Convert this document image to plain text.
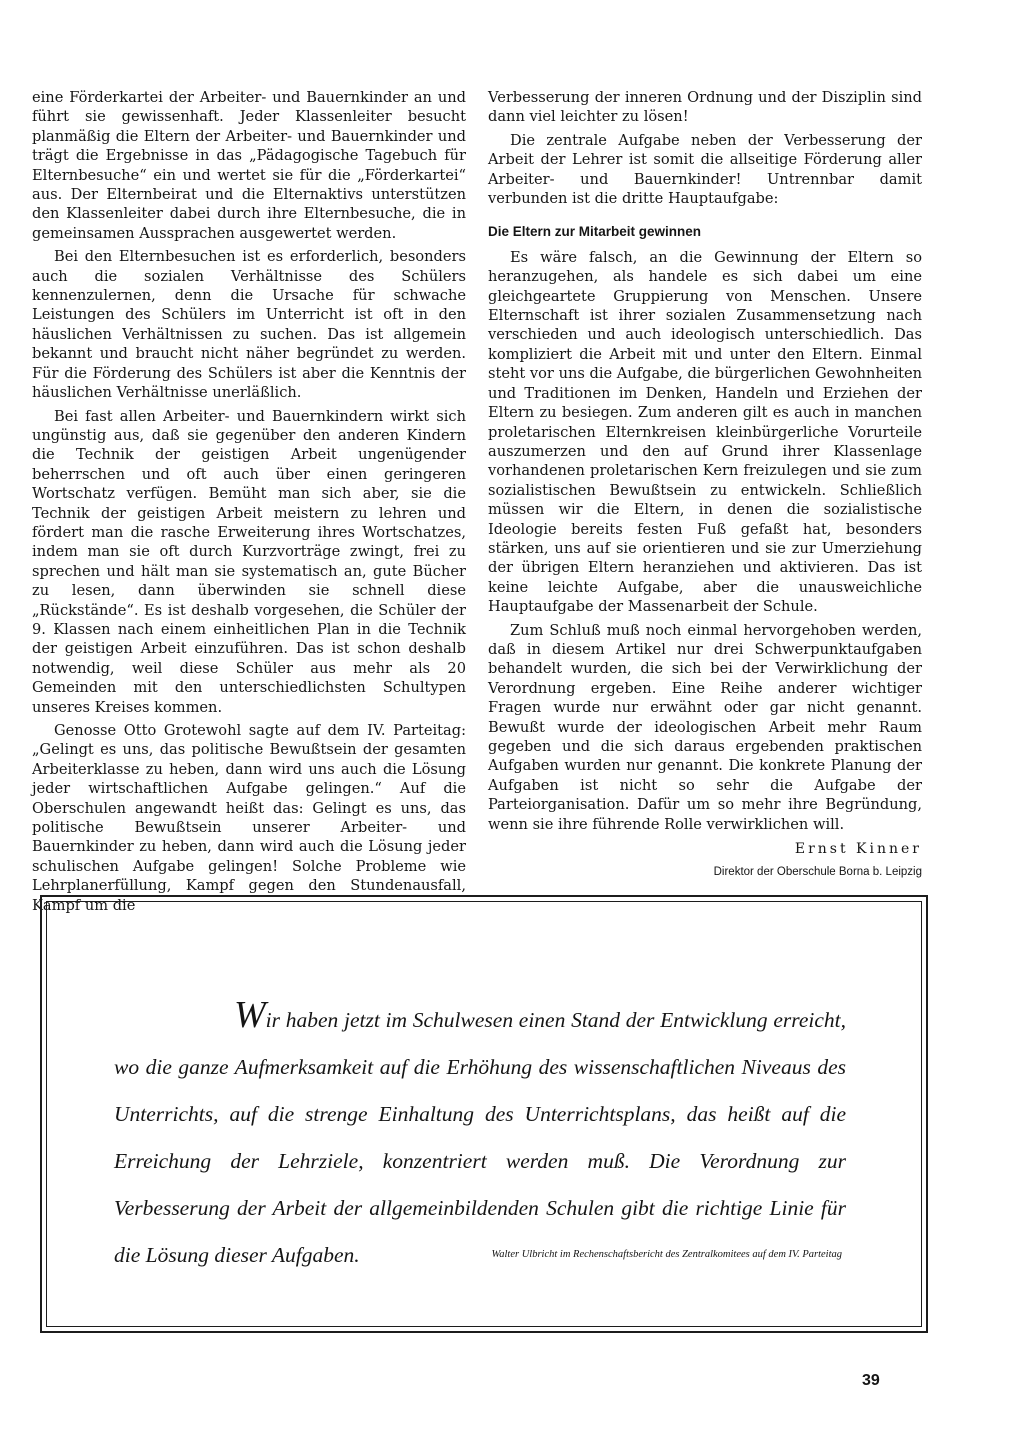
eine Förderkartei der Arbeiter- und Bauernkinder an und führt sie gewissenhaft. Jeder Klassenleiter besucht planmäßig die Eltern der Arbeiter- und Bauernkinder und trägt die Ergebnisse in das „Pädagogische Tagebuch für Elternbesuche“ ein und wertet sie für die „Förderkartei“ aus. Der Elternbeirat und die Elternaktivs unterstützen den Klassenleiter dabei durch ihre Elternbesuche, die in gemeinsamen Aussprachen ausgewertet werden.

Bei den Elternbesuchen ist es erforderlich, besonders auch die sozialen Verhältnisse des Schülers kennenzulernen, denn die Ursache für schwache Leistungen des Schülers im Unterricht ist oft in den häuslichen Verhältnissen zu suchen. Das ist allgemein bekannt und braucht nicht näher begründet zu werden. Für die Förderung des Schülers ist aber die Kenntnis der häuslichen Verhältnisse unerläßlich.

Bei fast allen Arbeiter- und Bauernkindern wirkt sich ungünstig aus, daß sie gegenüber den anderen Kindern die Technik der geistigen Arbeit ungenügender beherrschen und oft auch über einen geringeren Wortschatz verfügen. Bemüht man sich aber, sie die Technik der geistigen Arbeit meistern zu lehren und fördert man die rasche Erweiterung ihres Wortschatzes, indem man sie oft durch Kurzvorträge zwingt, frei zu sprechen und hält man sie systematisch an, gute Bücher zu lesen, dann überwinden sie schnell diese „Rückstände“. Es ist deshalb vorgesehen, die Schüler der 9. Klassen nach einem einheitlichen Plan in die Technik der geistigen Arbeit einzuführen. Das ist schon deshalb notwendig, weil diese Schüler aus mehr als 20 Gemeinden mit den unterschiedlichsten Schultypen unseres Kreises kommen.

Genosse Otto Grotewohl sagte auf dem IV. Parteitag: „Gelingt es uns, das politische Bewußtsein der gesamten Arbeiterklasse zu heben, dann wird uns auch die Lösung jeder wirtschaftlichen Aufgabe gelingen.“ Auf die Oberschulen angewandt heißt das: Gelingt es uns, das politische Bewußtsein unserer Arbeiter- und Bauernkinder zu heben, dann wird auch die Lösung jeder schulischen Aufgabe gelingen! Solche Probleme wie Lehrplanerfüllung, Kampf gegen den Stundenausfall, Kampf um die

Verbesserung der inneren Ordnung und der Disziplin sind dann viel leichter zu lösen!

Die zentrale Aufgabe neben der Verbesserung der Arbeit der Lehrer ist somit die allseitige Förderung aller Arbeiter- und Bauernkinder! Untrennbar damit verbunden ist die dritte Hauptaufgabe:

Die Eltern zur Mitarbeit gewinnen

Es wäre falsch, an die Gewinnung der Eltern so heranzugehen, als handele es sich dabei um eine gleichgeartete Gruppierung von Menschen. Unsere Elternschaft ist ihrer sozialen Zusammensetzung nach verschieden und auch ideologisch unterschiedlich. Das kompliziert die Arbeit mit und unter den Eltern. Einmal steht vor uns die Aufgabe, die bürgerlichen Gewohnheiten und Traditionen im Denken, Handeln und Erziehen der Eltern zu besiegen. Zum anderen gilt es auch in manchen proletarischen Elternkreisen kleinbürgerliche Vorurteile auszumerzen und den auf Grund ihrer Klassenlage vorhandenen proletarischen Kern freizulegen und sie zum sozialistischen Bewußtsein zu entwickeln. Schließlich müssen wir die Eltern, in denen die sozialistische Ideologie bereits festen Fuß gefaßt hat, besonders stärken, uns auf sie orientieren und sie zur Umerziehung der übrigen Eltern heranziehen und aktivieren. Das ist keine leichte Aufgabe, aber die unausweichliche Hauptaufgabe der Massenarbeit der Schule.

Zum Schluß muß noch einmal hervorgehoben werden, daß in diesem Artikel nur drei Schwerpunktaufgaben behandelt wurden, die sich bei der Verwirklichung der Verordnung ergeben. Eine Reihe anderer wichtiger Fragen wurde nur erwähnt oder gar nicht genannt. Bewußt wurde der ideologischen Arbeit mehr Raum gegeben und die sich daraus ergebenden praktischen Aufgaben wurden nur genannt. Die konkrete Planung der Aufgaben ist nicht so sehr die Aufgabe der Parteiorganisation. Dafür um so mehr ihre Begründung, wenn sie ihre führende Rolle verwirklichen will.

Ernst Kinner
Direktor der Oberschule Borna b. Leipzig
Wir haben jetzt im Schulwesen einen Stand der Entwicklung erreicht, wo die ganze Aufmerksamkeit auf die Erhöhung des wissenschaftlichen Niveaus des Unterrichts, auf die strenge Einhaltung des Unterrichtsplans, das heißt auf die Erreichung der Lehrziele, konzentriert werden muß. Die Verordnung zur Verbesserung der Arbeit der allgemeinbildenden Schulen gibt die richtige Linie für die Lösung dieser Aufgaben.	Walter Ulbricht im Rechenschaftsbericht des Zentralkomitees auf dem IV. Parteitag
39
